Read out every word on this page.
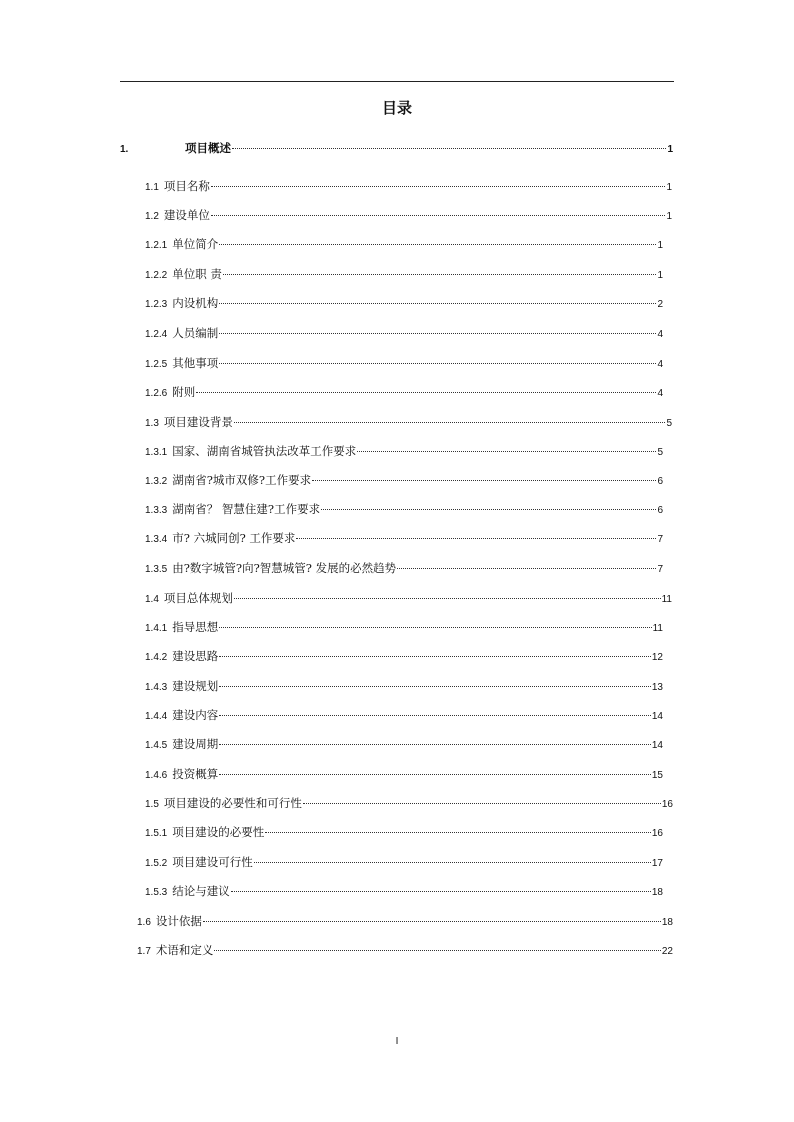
目录
1.	项目概述	1
1.1 项目名称	1
1.2 建设单位	1
1.2.1 单位简介	1
1.2.2 单位职 责	1
1.2.3 内设机构	2
1.2.4 人员编制	4
1.2.5 其他事项	4
1.2.6 附则	4
1.3 项目建设背景	5
1.3.1 国家、湖南省城管执法改革工作要求	5
1.3.2 湖南省?城市双修?工作要求	6
1.3.3 湖南省？ 智慧住建?工作要求	6
1.3.4 市? 六城同创? 工作要求	7
1.3.5 由?数字城管?向?智慧城管? 发展的必然趋势	7
1.4 项目总体规划	11
1.4.1 指导思想	11
1.4.2 建设思路	12
1.4.3 建设规划	13
1.4.4 建设内容	14
1.4.5 建设周期	14
1.4.6 投资概算	15
1.5 项目建设的必要性和可行性	16
1.5.1 项目建设的必要性	16
1.5.2 项目建设可行性	17
1.5.3 结论与建议	18
1.6 设计依据	18
1.7 术语和定义	22
I
